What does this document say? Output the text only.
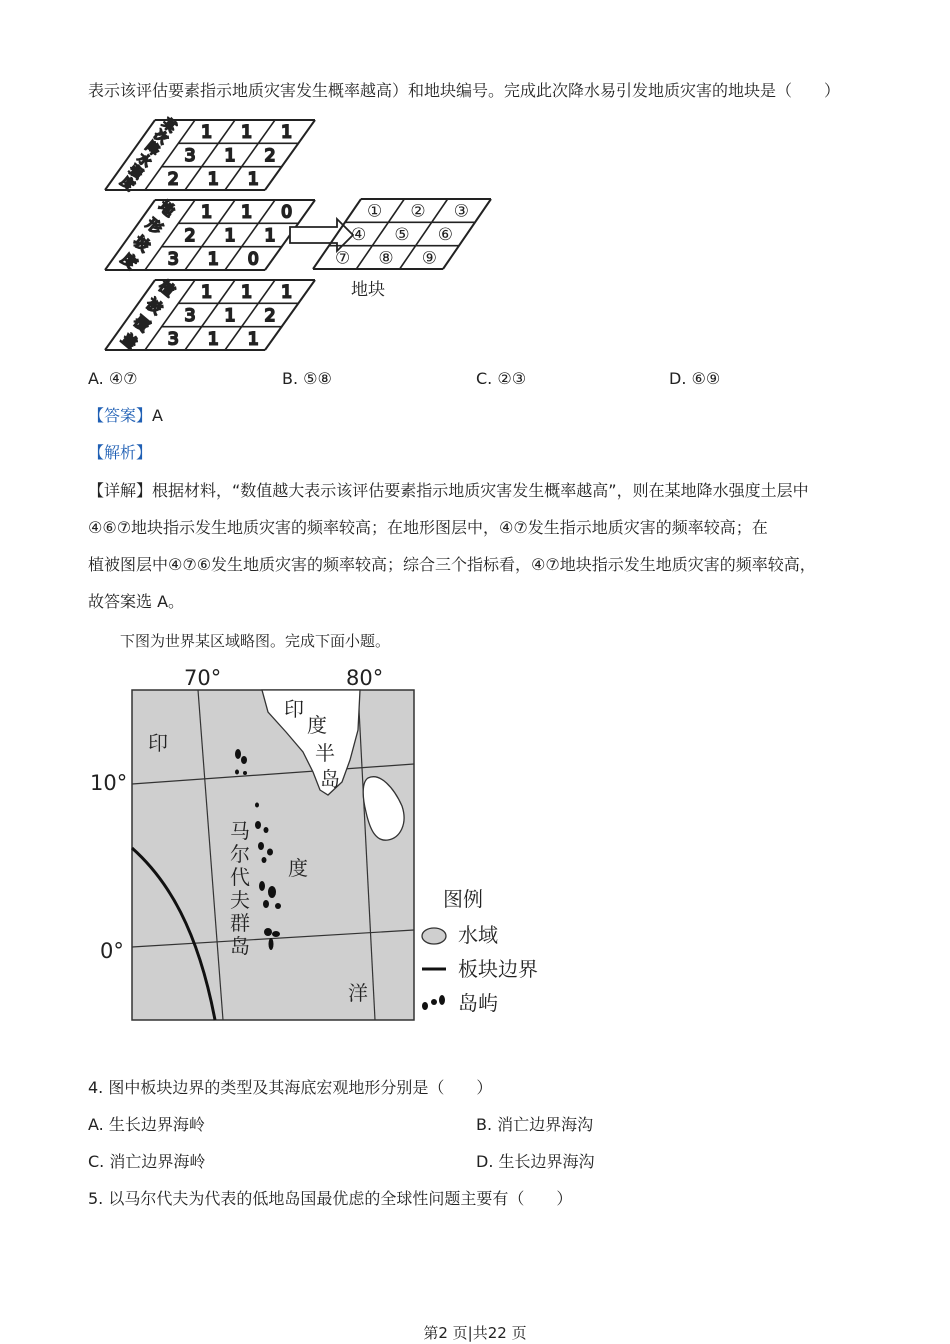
表示该评估要素指示地质灾害发生概率越高）和地块编号。完成此次降水易引发地质灾害的地块是（　　）
1 1 1
3 1 2
2 1 1
某
次
降
水
强
度
1 1 0
2 1 1
3 1 0
地
形
坡
度
1 1 1
3 1 2
3 1 1
植
被
覆
盖
① ② ③
④ ⑤ ⑥
⑦ ⑧ ⑨
地块
A. ④⑦	B. ⑤⑧	C. ②③	D. ⑥⑨
【答案】A
【解析】
【详解】根据材料，“数值越大表示该评估要素指示地质灾害发生概率越高”，则在某地降水强度土层中
④⑥⑦地块指示发生地质灾害的频率较高；在地形图层中，④⑦发生指示地质灾害的频率较高；在
植被图层中④⑦⑥发生地质灾害的频率较高；综合三个指标看，④⑦地块指示发生地质灾害的频率较高，
故答案选 A。
下图为世界某区域略图。完成下面小题。
70°	80°
10°
0°
印
度
半
岛
印
度
洋
马
尔
代
夫
群
岛
图例
水域
板块边界
岛屿
4. 图中板块边界的类型及其海底宏观地形分别是（　　）
A. 生长边界海岭	B. 消亡边界海沟
C. 消亡边界海岭	D. 生长边界海沟
5. 以马尔代夫为代表的低地岛国最优虑的全球性问题主要有（　　）
第2 页|共22 页
